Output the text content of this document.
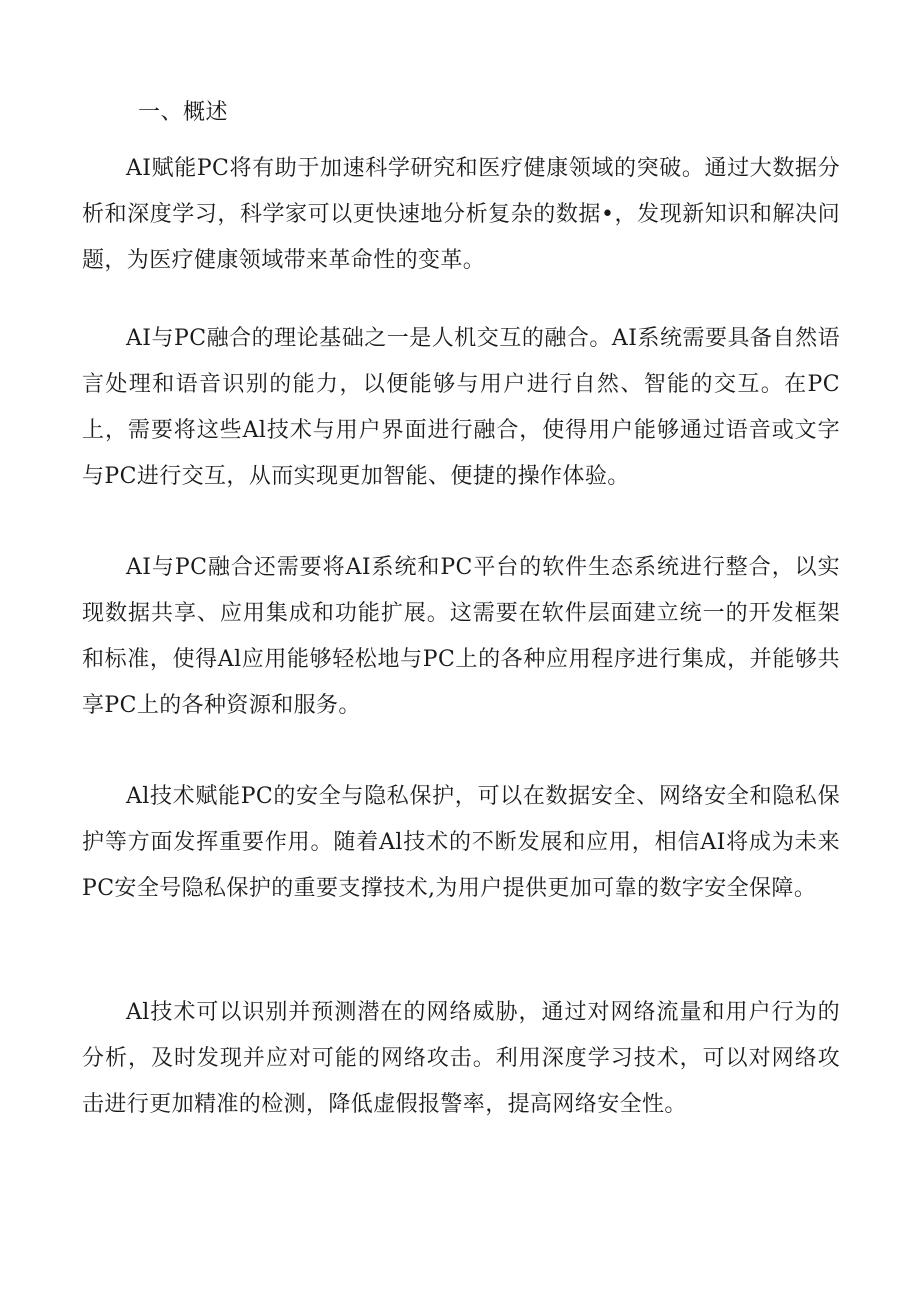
一、概述

AI赋能PC将有助于加速科学研究和医疗健康领域的突破。通过大数据分析和深度学习，科学家可以更快速地分析复杂的数据•，发现新知识和解决问题，为医疗健康领域带来革命性的变革。

AI与PC融合的理论基础之一是人机交互的融合。AI系统需要具备自然语言处理和语音识别的能力，以便能够与用户进行自然、智能的交互。在PC上，需要将这些Al技术与用户界面进行融合，使得用户能够通过语音或文字与PC进行交互，从而实现更加智能、便捷的操作体验。

AI与PC融合还需要将AI系统和PC平台的软件生态系统进行整合，以实现数据共享、应用集成和功能扩展。这需要在软件层面建立统一的开发框架和标准，使得Al应用能够轻松地与PC上的各种应用程序进行集成，并能够共享PC上的各种资源和服务。

Al技术赋能PC的安全与隐私保护，可以在数据安全、网络安全和隐私保护等方面发挥重要作用。随着Al技术的不断发展和应用，相信AI将成为未来PC安全号隐私保护的重要支撑技术,为用户提供更加可靠的数字安全保障。

Al技术可以识别并预测潜在的网络威胁，通过对网络流量和用户行为的分析，及时发现并应对可能的网络攻击。利用深度学习技术，可以对网络攻击进行更加精准的检测，降低虚假报警率，提高网络安全性。
